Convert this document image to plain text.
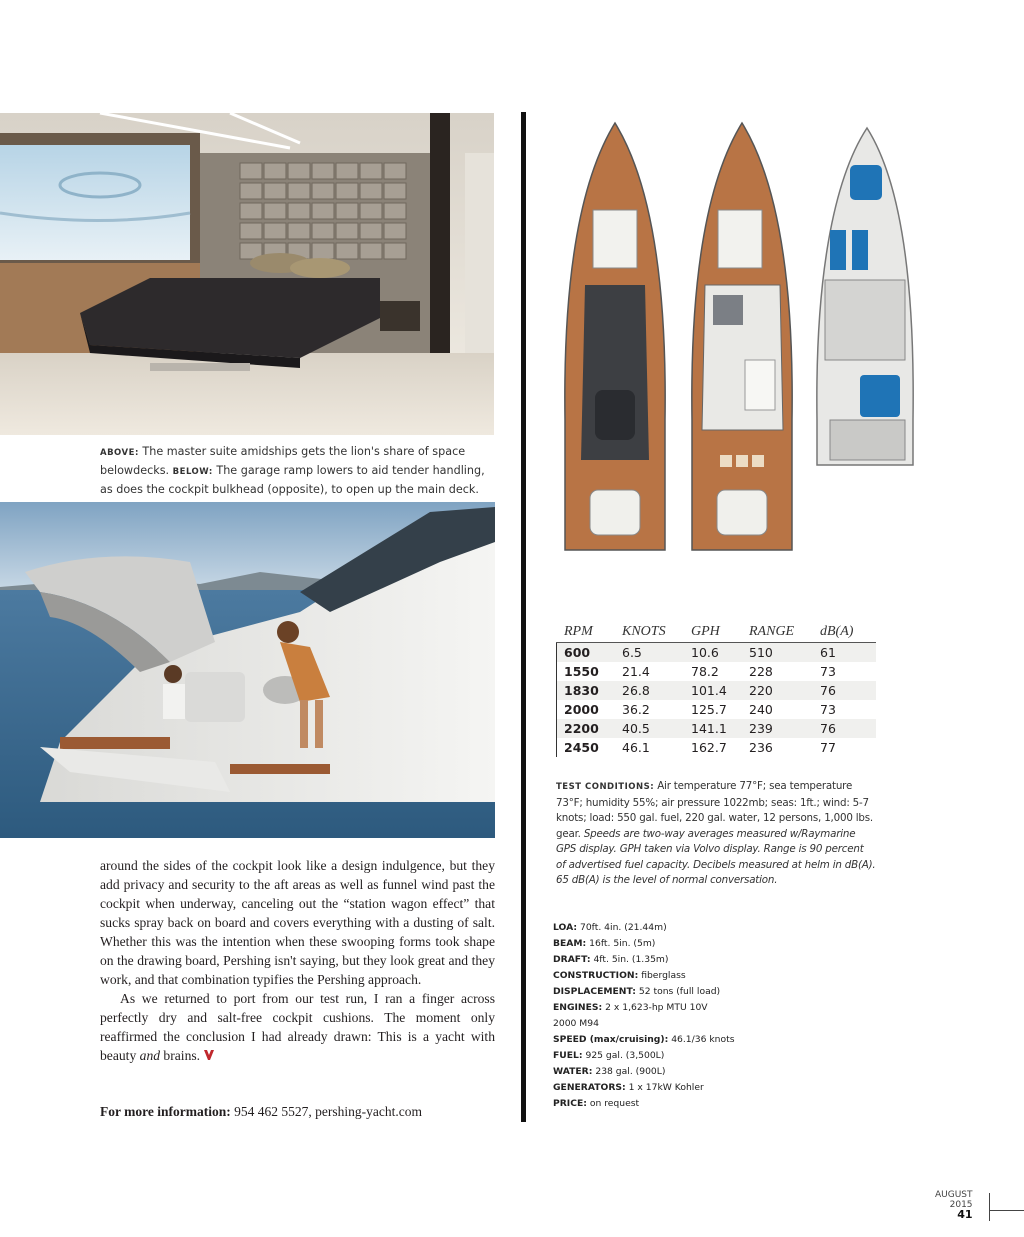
ABOVE: The master suite amidships gets the lion's share of space belowdecks. BELOW: The garage ramp lowers to aid tender handling, as does the cockpit bulkhead (opposite), to open up the main deck.

around the sides of the cockpit look like a design indulgence, but they add privacy and security to the aft areas as well as funnel wind past the cockpit when underway, canceling out the “station wagon effect” that sucks spray back on board and covers everything with a dusting of salt. Whether this was the intention when these swooping forms took shape on the drawing board, Pershing isn't saying, but they look great and they work, and that combination typifies the Pershing approach.

As we returned to port from our test run, I ran a finger across perfectly dry and salt-free cockpit cushions. The moment only reaffirmed the conclusion I had already drawn: This is a yacht with beauty and brains.

For more information: 954 462 5527, pershing-yacht.com
RPM	KNOTS	GPH	RANGE	dB(A)
600	6.5	10.6	510	61
1550	21.4	78.2	228	73
1830	26.8	101.4	220	76
2000	36.2	125.7	240	73
2200	40.5	141.1	239	76
2450	46.1	162.7	236	77
TEST CONDITIONS: Air temperature 77°F; sea temperature 73°F; humidity 55%; air pressure 1022mb; seas: 1ft.; wind: 5-7 knots; load: 550 gal. fuel, 220 gal. water, 12 persons, 1,000 lbs. gear. Speeds are two-way averages measured w/Raymarine GPS display. GPH taken via Volvo display. Range is 90 percent of advertised fuel capacity. Decibels measured at helm in dB(A). 65 dB(A) is the level of normal conversation.
LOA: 70ft. 4in. (21.44m)
BEAM: 16ft. 5in. (5m)
DRAFT: 4ft. 5in. (1.35m)
CONSTRUCTION: fiberglass
DISPLACEMENT: 52 tons (full load)
ENGINES: 2 x 1,623-hp MTU 10V
2000 M94
SPEED (max/cruising): 46.1/36 knots
FUEL: 925 gal. (3,500L)
WATER: 238 gal. (900L)
GENERATORS: 1 x 17kW Kohler
PRICE: on request
AUGUST
2015
41
